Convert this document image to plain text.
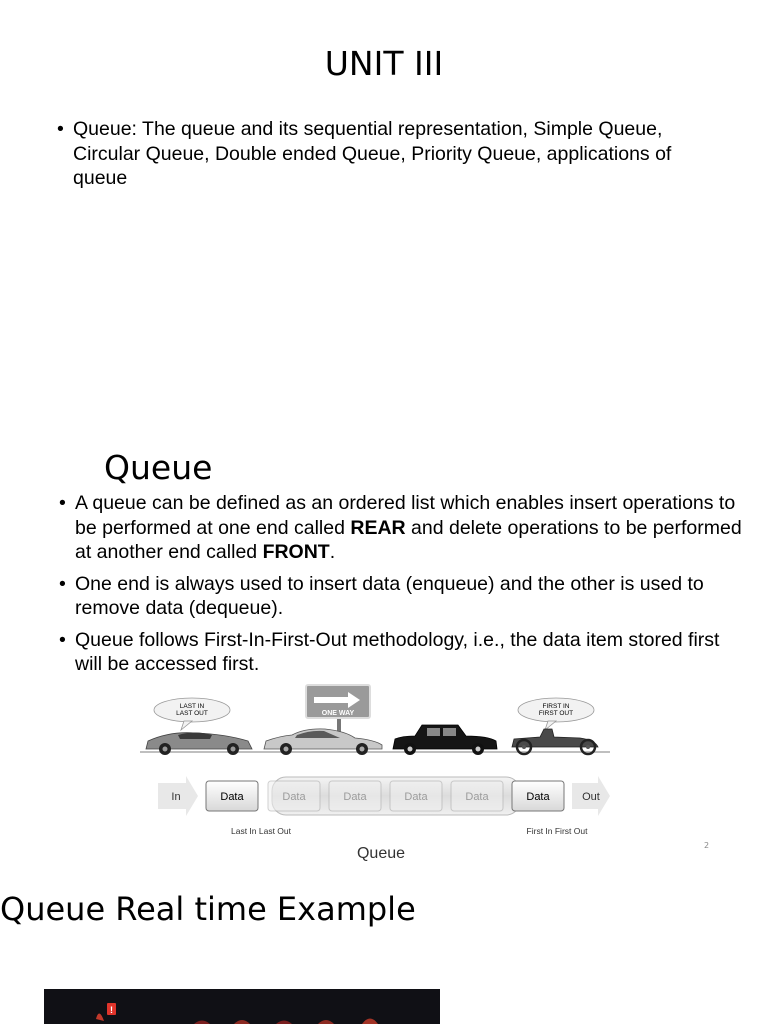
UNIT III
• Queue: The queue and its sequential representation, Simple Queue, Circular Queue, Double ended Queue, Priority Queue, applications of queue
Queue
• A queue can be defined as an ordered list which enables insert operations to be performed at one end called REAR and delete operations to be performed at another end called FRONT.
• One end is always used to insert data (enqueue) and the other is used to remove data (dequeue).
• Queue follows First-In-First-Out methodology, i.e., the data item stored first will be accessed first.
LAST IN
LAST OUT	ONE WAY
FIRST IN
FIRST OUT
In	Data	Data	Data	Data	Data	Data	Out
Last In Last Out	First In First Out
Queue	2
Queue Real time Example
!
